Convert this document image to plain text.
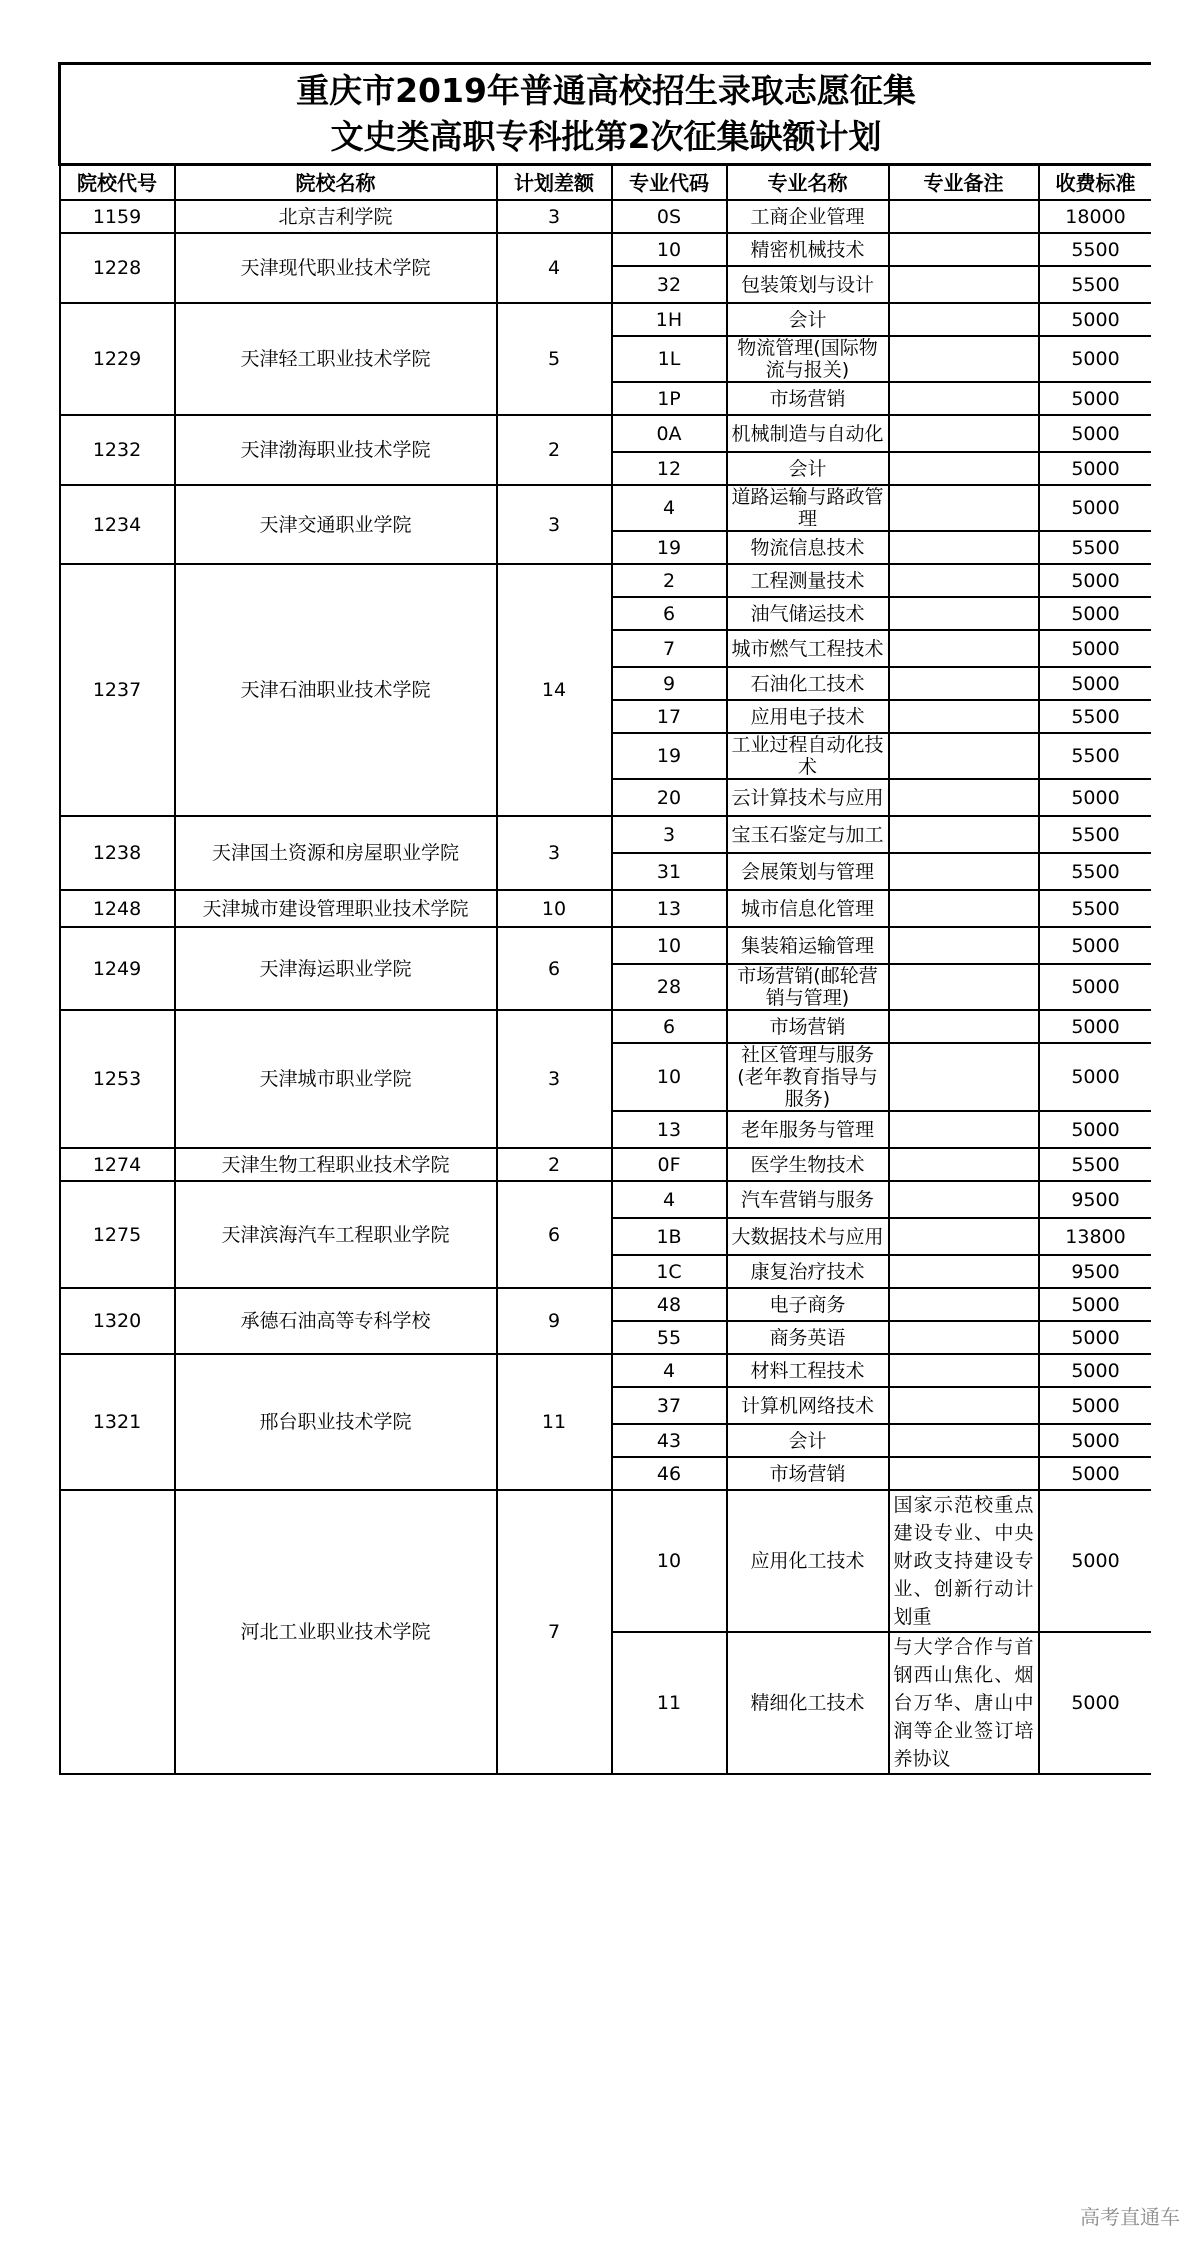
重庆市2019年普通高校招生录取志愿征集
文史类高职专科批第2次征集缺额计划						

院校代号	院校名称	计划差额	专业代码	专业名称	专业备注	收费标准
1159	北京吉利学院	3	0S	工商企业管理		18000
1228	天津现代职业技术学院	4	10	精密机械技术		5500
			32	包装策划与设计		5500
1229	天津轻工职业技术学院	5	1H	会计		5000
			1L	物流管理(国际物流与报关)		5000
			1P	市场营销		5000
1232	天津渤海职业技术学院	2	0A	机械制造与自动化		5000
			12	会计		5000
1234	天津交通职业学院	3	4	道路运输与路政管理		5000
			19	物流信息技术		5500
1237	天津石油职业技术学院	14	2	工程测量技术		5000
			6	油气储运技术		5000
			7	城市燃气工程技术		5000
			9	石油化工技术		5000
			17	应用电子技术		5500
			19	工业过程自动化技术		5500
			20	云计算技术与应用		5000
1238	天津国土资源和房屋职业学院	3	3	宝玉石鉴定与加工		5500
			31	会展策划与管理		5500
1248	天津城市建设管理职业技术学院	10	13	城市信息化管理		5500
1249	天津海运职业学院	6	10	集装箱运输管理		5000
			28	市场营销(邮轮营销与管理)		5000
1253	天津城市职业学院	3	6	市场营销		5000
			10	社区管理与服务(老年教育指导与服务)		5000
			13	老年服务与管理		5000
1274	天津生物工程职业技术学院	2	0F	医学生物技术		5500
1275	天津滨海汽车工程职业学院	6	4	汽车营销与服务		9500
			1B	大数据技术与应用		13800
			1C	康复治疗技术		9500
1320	承德石油高等专科学校	9	48	电子商务		5000
			55	商务英语		5000
1321	邢台职业技术学院	11	4	材料工程技术		5000
			37	计算机网络技术		5000
			43	会计		5000
			46	市场营销		5000
	河北工业职业技术学院	7	10	应用化工技术	国家示范校重点建设专业、中央财政支持建设专业、创新行动计划重	5000
			11	精细化工技术	与大学合作与首钢西山焦化、烟台万华、唐山中润等企业签订培养协议	5000
高考直通车
